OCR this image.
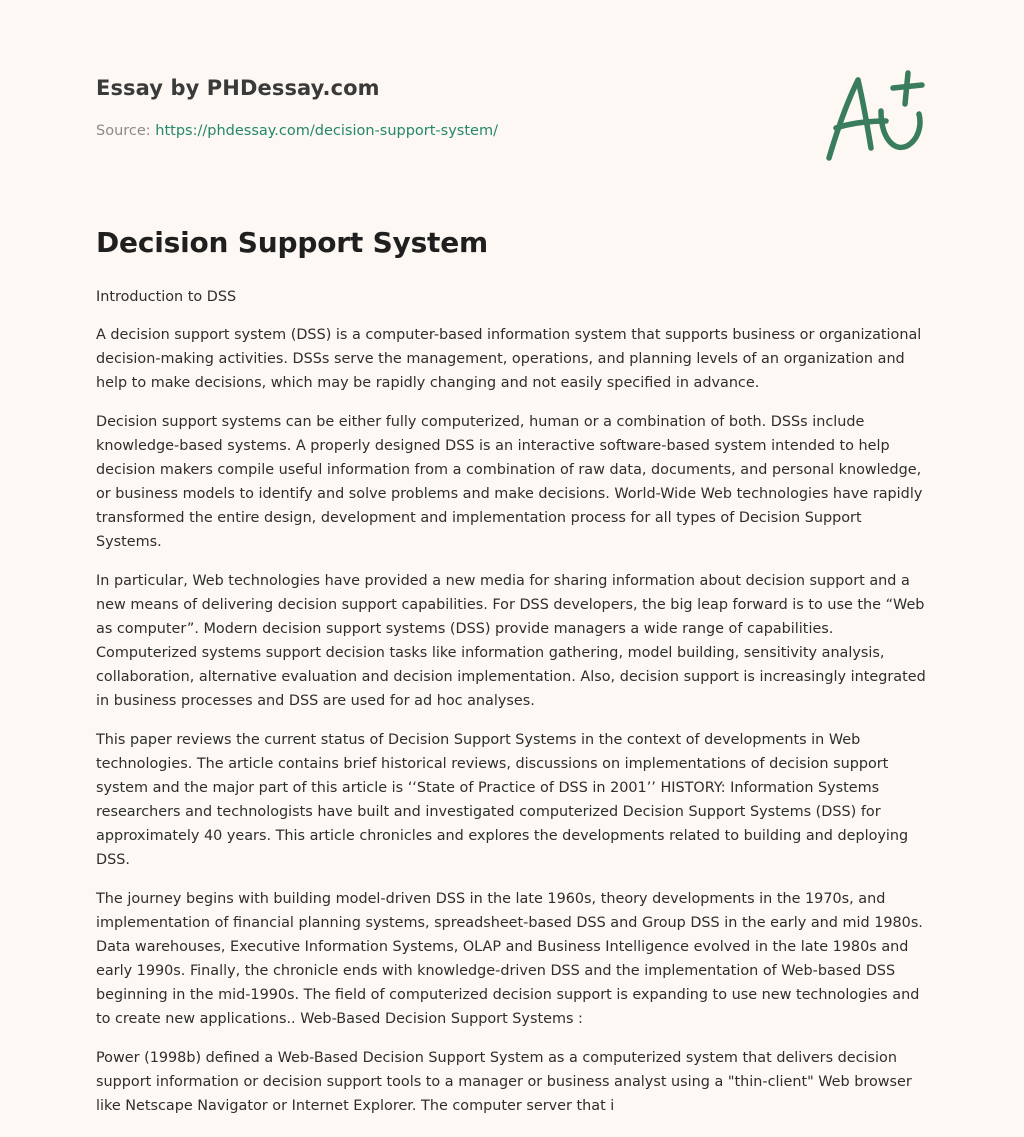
Essay by PHDessay.com
Source: https://phdessay.com/decision-support-system/
Decision Support System

Introduction to DSS

A decision support system (DSS) is a computer-based information system that supports business or organizational decision-making activities. DSSs serve the management, operations, and planning levels of an organization and help to make decisions, which may be rapidly changing and not easily specified in advance.

Decision support systems can be either fully computerized, human or a combination of both. DSSs include knowledge-based systems. A properly designed DSS is an interactive software-based system intended to help decision makers compile useful information from a combination of raw data, documents, and personal knowledge, or business models to identify and solve problems and make decisions. World-Wide Web technologies have rapidly transformed the entire design, development and implementation process for all types of Decision Support Systems.

In particular, Web technologies have provided a new media for sharing information about decision support and a new means of delivering decision support capabilities. For DSS developers, the big leap forward is to use the “Web as computer”. Modern decision support systems (DSS) provide managers a wide range of capabilities. Computerized systems support decision tasks like information gathering, model building, sensitivity analysis, collaboration, alternative evaluation and decision implementation. Also, decision support is increasingly integrated in business processes and DSS are used for ad hoc analyses.

This paper reviews the current status of Decision Support Systems in the context of developments in Web technologies. The article contains brief historical reviews, discussions on implementations of decision support system and the major part of this article is ‘‘State of Practice of DSS in 2001’’ HISTORY: Information Systems researchers and technologists have built and investigated computerized Decision Support Systems (DSS) for approximately 40 years. This article chronicles and explores the developments related to building and deploying DSS.

The journey begins with building model-driven DSS in the late 1960s, theory developments in the 1970s, and implementation of financial planning systems, spreadsheet-based DSS and Group DSS in the early and mid 1980s. Data warehouses, Executive Information Systems, OLAP and Business Intelligence evolved in the late 1980s and early 1990s. Finally, the chronicle ends with knowledge-driven DSS and the implementation of Web-based DSS beginning in the mid-1990s. The field of computerized decision support is expanding to use new technologies and to create new applications.. Web-Based Decision Support Systems :

Power (1998b) defined a Web-Based Decision Support System as a computerized system that delivers decision support information or decision support tools to a manager or business analyst using a "thin-client" Web browser like Netscape Navigator or Internet Explorer. The computer server that i
